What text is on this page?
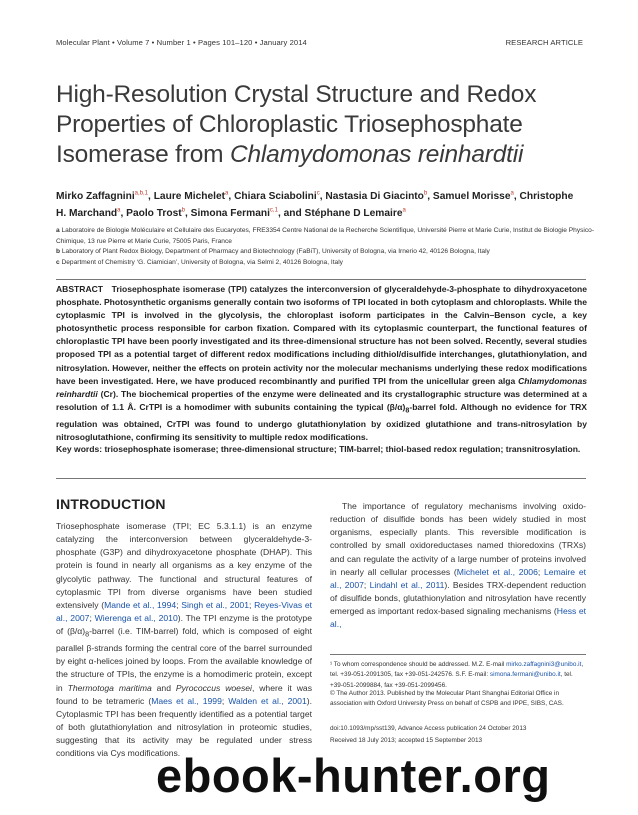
Molecular Plant • Volume 7 • Number 1 • Pages 101–120 • January 2014	RESEARCH ARTICLE
High-Resolution Crystal Structure and Redox Properties of Chloroplastic Triosephosphate Isomerase from Chlamydomonas reinhardtii
Mirko Zaffagnini$^{a,b,1}$, Laure Michelet$^a$, Chiara Sciabolini$^c$, Nastasia Di Giacinto$^b$, Samuel Morisse$^a$, Christophe H. Marchand$^a$, Paolo Trost$^b$, Simona Fermani$^{c,1}$, and Stéphane D Lemaire$^a$
a Laboratoire de Biologie Moléculaire et Cellulaire des Eucaryotes, FRE3354 Centre National de la Recherche Scientifique, Université Pierre et Marie Curie, Institut de Biologie Physico-Chimique, 13 rue Pierre et Marie Curie, 75005 Paris, France
b Laboratory of Plant Redox Biology, Department of Pharmacy and Biotechnology (FaBiT), University of Bologna, via Irnerio 42, 40126 Bologna, Italy
c Department of Chemistry ‘G. Ciamician’, University of Bologna, via Selmi 2, 40126 Bologna, Italy

ABSTRACT Triosephosphate isomerase (TPI) catalyzes the interconversion of glyceraldehyde-3-phosphate to dihydroxyacetone phosphate. Photosynthetic organisms generally contain two isoforms of TPI located in both cytoplasm and chloroplasts. While the cytoplasmic TPI is involved in the glycolysis, the chloroplast isoform participates in the Calvin–Benson cycle, a key photosynthetic process responsible for carbon fixation. Compared with its cytoplasmic counterpart, the functional features of chloroplastic TPI have been poorly investigated and its three-dimensional structure has not been solved. Recently, several studies proposed TPI as a potential target of different redox modifications including dithiol/disulfide interchanges, glutathionylation, and nitrosylation. However, neither the effects on protein activity nor the molecular mechanisms underlying these redox modifications have been investigated. Here, we have produced recombinantly and purified TPI from the unicellular green alga Chlamydomonas reinhardtii (Cr). The biochemical properties of the enzyme were delineated and its crystallographic structure was determined at a resolution of 1.1 Å. CrTPI is a homodimer with subunits containing the typical $(\beta/\alpha)_8$-barrel fold. Although no evidence for TRX regulation was obtained, CrTPI was found to undergo glutathionylation by oxidized glutathione and trans-nitrosylation by nitrosoglutathione, confirming its sensitivity to multiple redox modifications.

Key words: triosephosphate isomerase; three-dimensional structure; TIM-barrel; thiol-based redox regulation; transnitrosylation.

INTRODUCTION

Triosephosphate isomerase (TPI; EC 5.3.1.1) is an enzyme catalyzing the interconversion between glyceraldehyde-3-phosphate (G3P) and dihydroxyacetone phosphate (DHAP). This protein is found in nearly all organisms as a key enzyme of the glycolytic pathway. The functional and structural features of cytoplasmic TPI from diverse organisms have been studied extensively (Mande et al., 1994; Singh et al., 2001; Reyes-Vivas et al., 2007; Wierenga et al., 2010). The TPI enzyme is the prototype of $(\beta/\alpha)_8$-barrel (i.e. TIM-barrel) fold, which is composed of eight parallel β-strands forming the central core of the barrel surrounded by eight α-helices joined by loops. From the available knowledge of the structure of TPIs, the enzyme is a homodimeric protein, except in Thermotoga maritima and Pyrococcus woesei, where it was found to be tetrameric (Maes et al., 1999; Walden et al., 2001). Cytoplasmic TPI has been frequently identified as a potential target of both glutathionylation and nitrosylation in proteomic studies, suggesting that its activity may be regulated under stress conditions via Cys modifications.

The importance of regulatory mechanisms involving oxido-reduction of disulfide bonds has been widely studied in most organisms, especially plants. This reversible modification is controlled by small oxidoreductases named thioredoxins (TRXs) and can regulate the activity of a large number of proteins involved in nearly all cellular processes (Michelet et al., 2006; Lemaire et al., 2007; Lindahl et al., 2011). Besides TRX-dependent reduction of disulfide bonds, glutathionylation and nitrosylation have recently emerged as important redox-based signaling mechanisms (Hess et al.,

¹ To whom correspondence should be addressed. M.Z. E-mail mirko.zaffagnini3@unibo.it, tel. +39-051-2091305, fax +39-051-242576. S.F. E-mail: simona.fermani@unibo.it, tel. +39-051-2099884, fax +39-051-2099456.

© The Author 2013. Published by the Molecular Plant Shanghai Editorial Office in association with Oxford University Press on behalf of CSPB and IPPE, SIBS, CAS.

doi:10.1093/mp/sst139, Advance Access publication 24 October 2013

Received 18 July 2013; accepted 15 September 2013

ebook-hunter.org
